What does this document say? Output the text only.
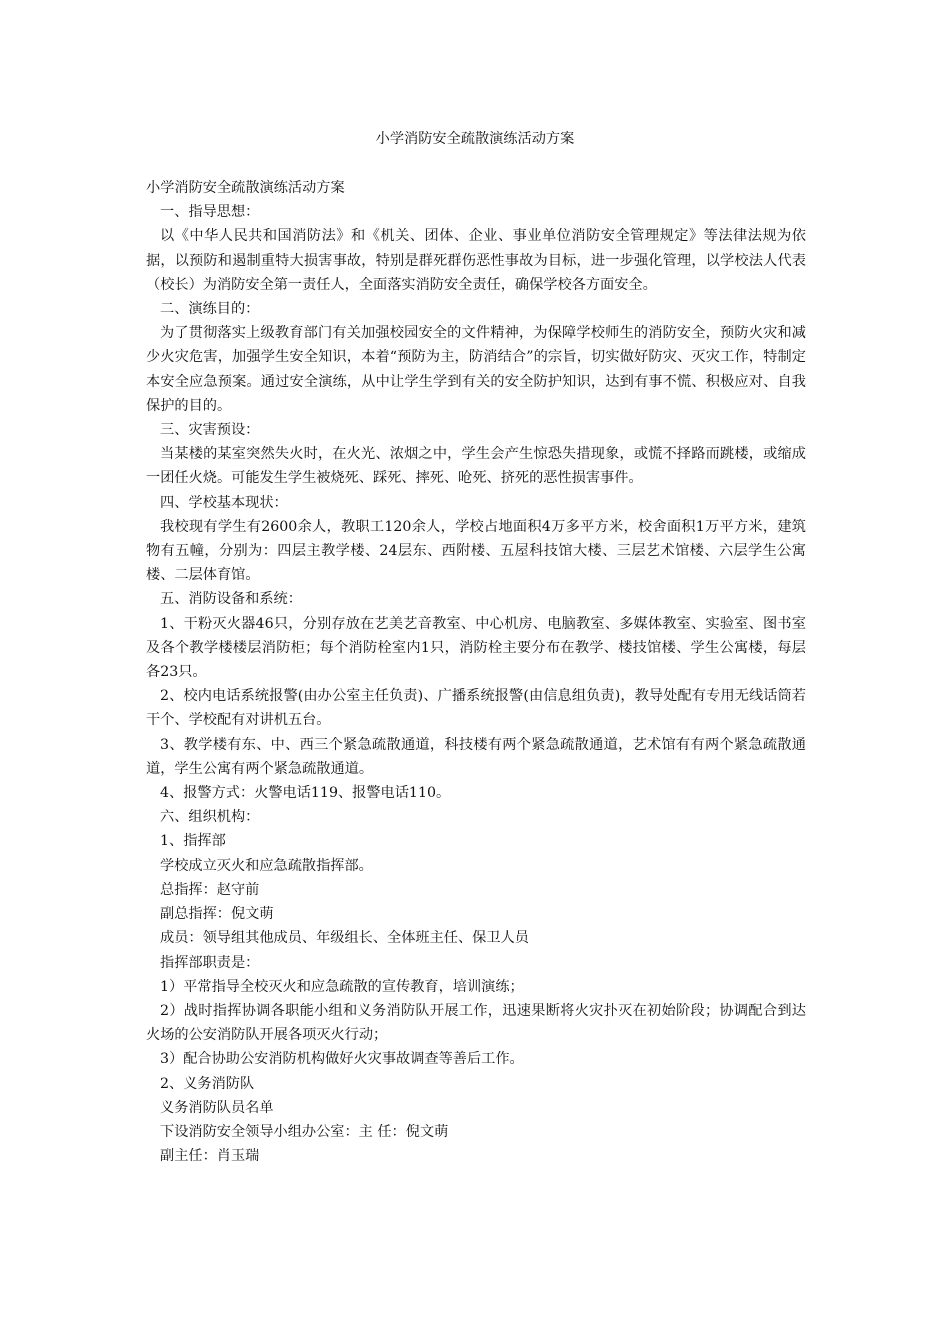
小学消防安全疏散演练活动方案

小学消防安全疏散演练活动方案

一、指导思想：

以《中华人民共和国消防法》和《机关、团体、企业、事业单位消防安全管理规定》等法律法规为依据，以预防和遏制重特大损害事故，特别是群死群伤恶性事故为目标，进一步强化管理，以学校法人代表（校长）为消防安全第一责任人，全面落实消防安全责任，确保学校各方面安全。

二、演练目的：

为了贯彻落实上级教育部门有关加强校园安全的文件精神，为保障学校师生的消防安全，预防火灾和减少火灾危害，加强学生安全知识，本着“预防为主，防消结合”的宗旨，切实做好防灾、灭灾工作，特制定本安全应急预案。通过安全演练，从中让学生学到有关的安全防护知识，达到有事不慌、积极应对、自我保护的目的。

三、灾害预设：

当某楼的某室突然失火时，在火光、浓烟之中，学生会产生惊恐失措现象，或慌不择路而跳楼，或缩成一团任火烧。可能发生学生被烧死、踩死、摔死、呛死、挤死的恶性损害事件。

四、学校基本现状：

我校现有学生有2600余人，教职工120余人，学校占地面积4万多平方米，校舍面积1万平方米，建筑物有五幢，分别为：四层主教学楼、24层东、西附楼、五屋科技馆大楼、三层艺术馆楼、六层学生公寓楼、二层体育馆。

五、消防设备和系统：

1、干粉灭火器46只，分别存放在艺美艺音教室、中心机房、电脑教室、多媒体教室、实验室、图书室及各个教学楼楼层消防柜；每个消防栓室内1只，消防栓主要分布在教学、楼技馆楼、学生公寓楼，每层各23只。

2、校内电话系统报警(由办公室主任负责)、广播系统报警(由信息组负责)，教导处配有专用无线话筒若干个、学校配有对讲机五台。

3、教学楼有东、中、西三个紧急疏散通道，科技楼有两个紧急疏散通道，艺术馆有有两个紧急疏散通道，学生公寓有两个紧急疏散通道。

4、报警方式：火警电话119、报警电话110。

六、组织机构：

1、指挥部

学校成立灭火和应急疏散指挥部。

总指挥：赵守前

副总指挥：倪文萌

成员：领导组其他成员、年级组长、全体班主任、保卫人员

指挥部职责是：

1）平常指导全校灭火和应急疏散的宣传教育，培训演练；

2）战时指挥协调各职能小组和义务消防队开展工作，迅速果断将火灾扑灭在初始阶段；协调配合到达火场的公安消防队开展各项灭火行动；

3）配合协助公安消防机构做好火灾事故调查等善后工作。

2、义务消防队

义务消防队员名单

下设消防安全领导小组办公室：主 任：倪文萌

副主任：肖玉瑞
